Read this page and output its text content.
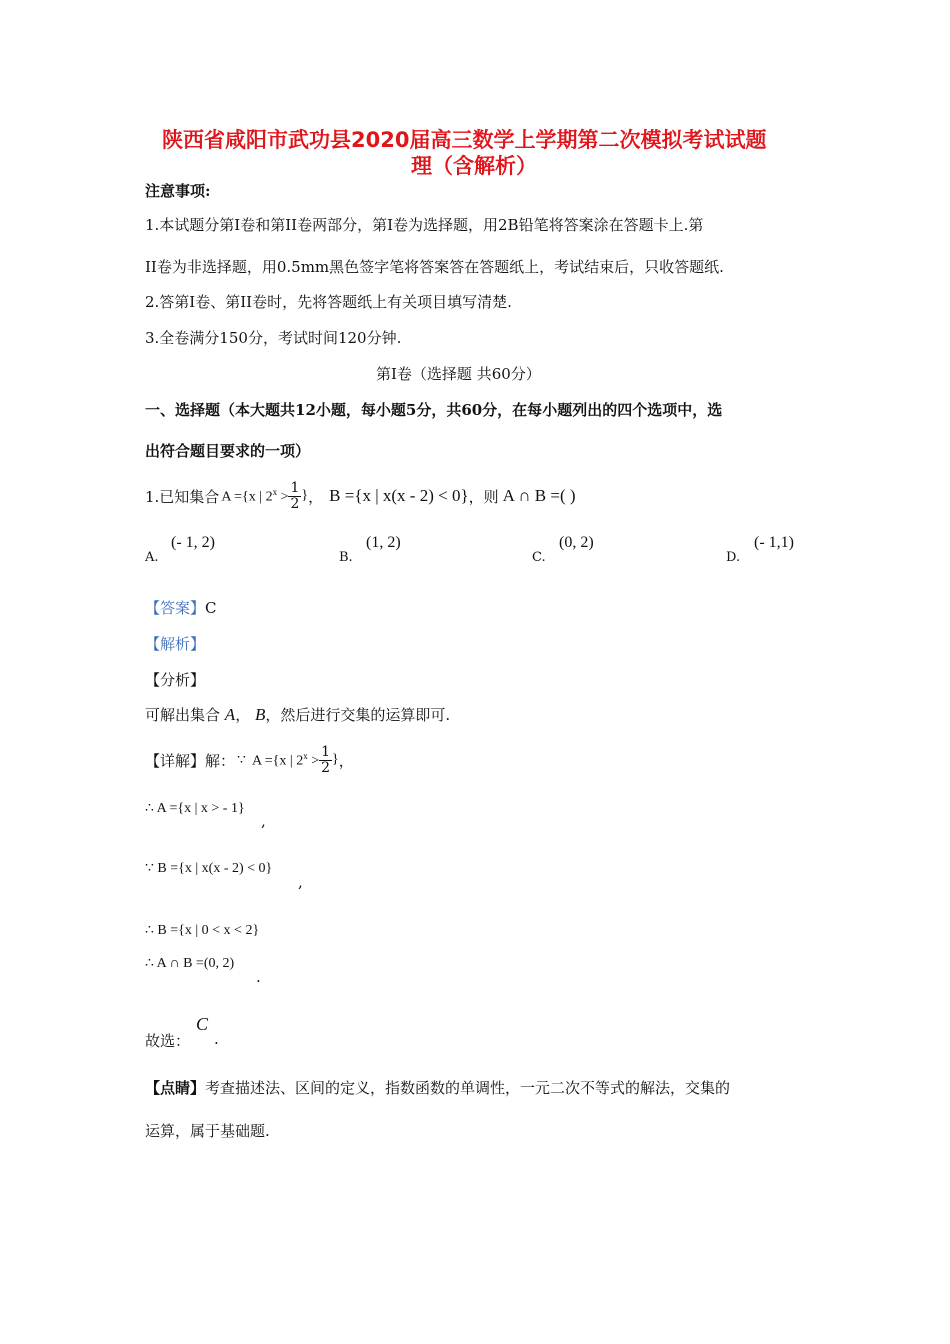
陕西省咸阳市武功县2020届高三数学上学期第二次模拟考试试题
理（含解析）
注意事项:
1.本试题分第Ⅰ卷和第II卷两部分，第Ⅰ卷为选择题，用2B铅笔将答案涂在答题卡上.第
II卷为非选择题，用0.5mm黑色签字笔将答案答在答题纸上，考试结束后，只收答题纸.
2.答第Ⅰ卷、第II卷时，先将答题纸上有关项目填写清楚.
3.全卷满分150分，考试时间120分钟.
第Ⅰ卷（选择题 共60分）
一、选择题（本大题共12小题，每小题5分，共60分，在每小题列出的四个选项中，选
出符合题目要求的一项）
1.已知集合 A ={x | $2^x > \frac{1}{2}$ } ， B ={x | x(x - 2) < 0} ，则 A ∩ B =( )
A.
(- 1, 2)
B.
(1, 2)
C.
(0, 2)
D.
(- 1,1)
【答案】C
【解析】
【分析】
可解出集合 A， B，然后进行交集的运算即可.
【详解】解： ∵ A ={x | $2^x > \frac{1}{2}$ } ，
∴ A ={x | x > - 1}
,
∵ B ={x | x(x - 2) < 0}
,
∴ B ={x | 0 < x < 2}
∴ A ∩ B =(0, 2)
.
故选：
C
.
【点睛】考查描述法、区间的定义，指数函数的单调性，一元二次不等式的解法，交集的
运算，属于基础题.
